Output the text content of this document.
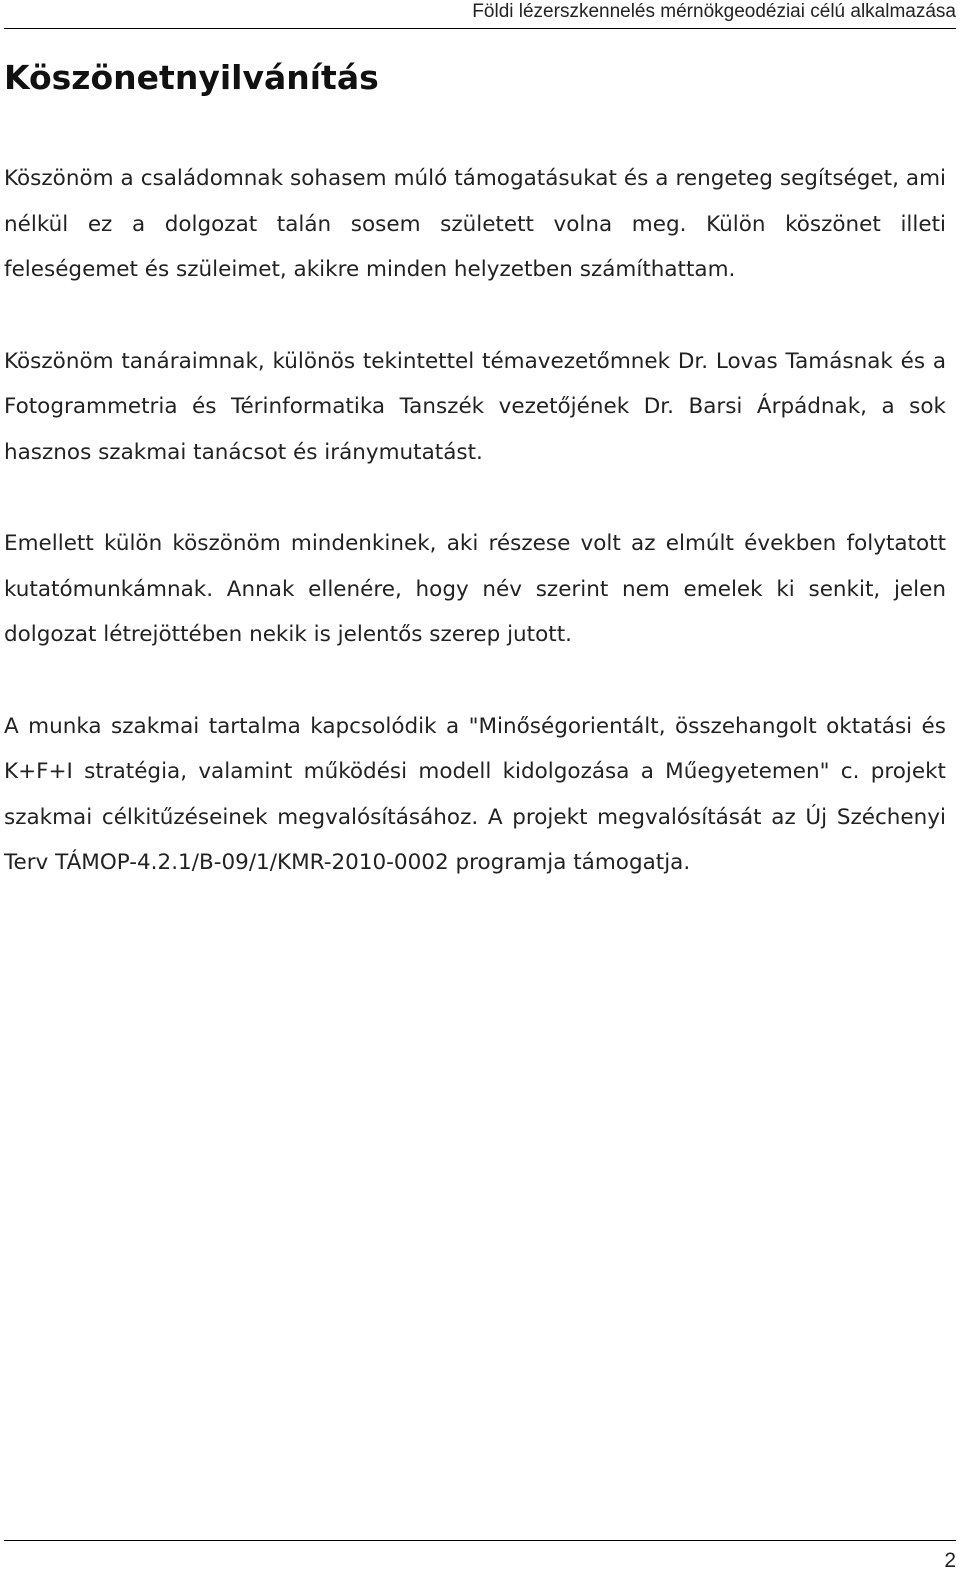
Földi lézerszkennelés mérnökgeodéziai célú alkalmazása
Köszönetnyilvánítás

Köszönöm a családomnak sohasem múló támogatásukat és a rengeteg segítséget, ami nélkül ez a dolgozat talán sosem született volna meg. Külön köszönet illeti feleségemet és szüleimet, akikre minden helyzetben számíthattam.

Köszönöm tanáraimnak, különös tekintettel témavezetőmnek Dr. Lovas Tamásnak és a Fotogrammetria és Térinformatika Tanszék vezetőjének Dr. Barsi Árpádnak, a sok hasznos szakmai tanácsot és iránymutatást.

Emellett külön köszönöm mindenkinek, aki részese volt az elmúlt években folytatott kutatómunkámnak. Annak ellenére, hogy név szerint nem emelek ki senkit, jelen dolgozat létrejöttében nekik is jelentős szerep jutott.

A munka szakmai tartalma kapcsolódik a "Minőségorientált, összehangolt oktatási és K+F+I stratégia, valamint működési modell kidolgozása a Műegyetemen" c. projekt szakmai célkitűzéseinek megvalósításához. A projekt megvalósítását az Új Széchenyi Terv TÁMOP-4.2.1/B-09/1/KMR-2010-0002 programja támogatja.

2
